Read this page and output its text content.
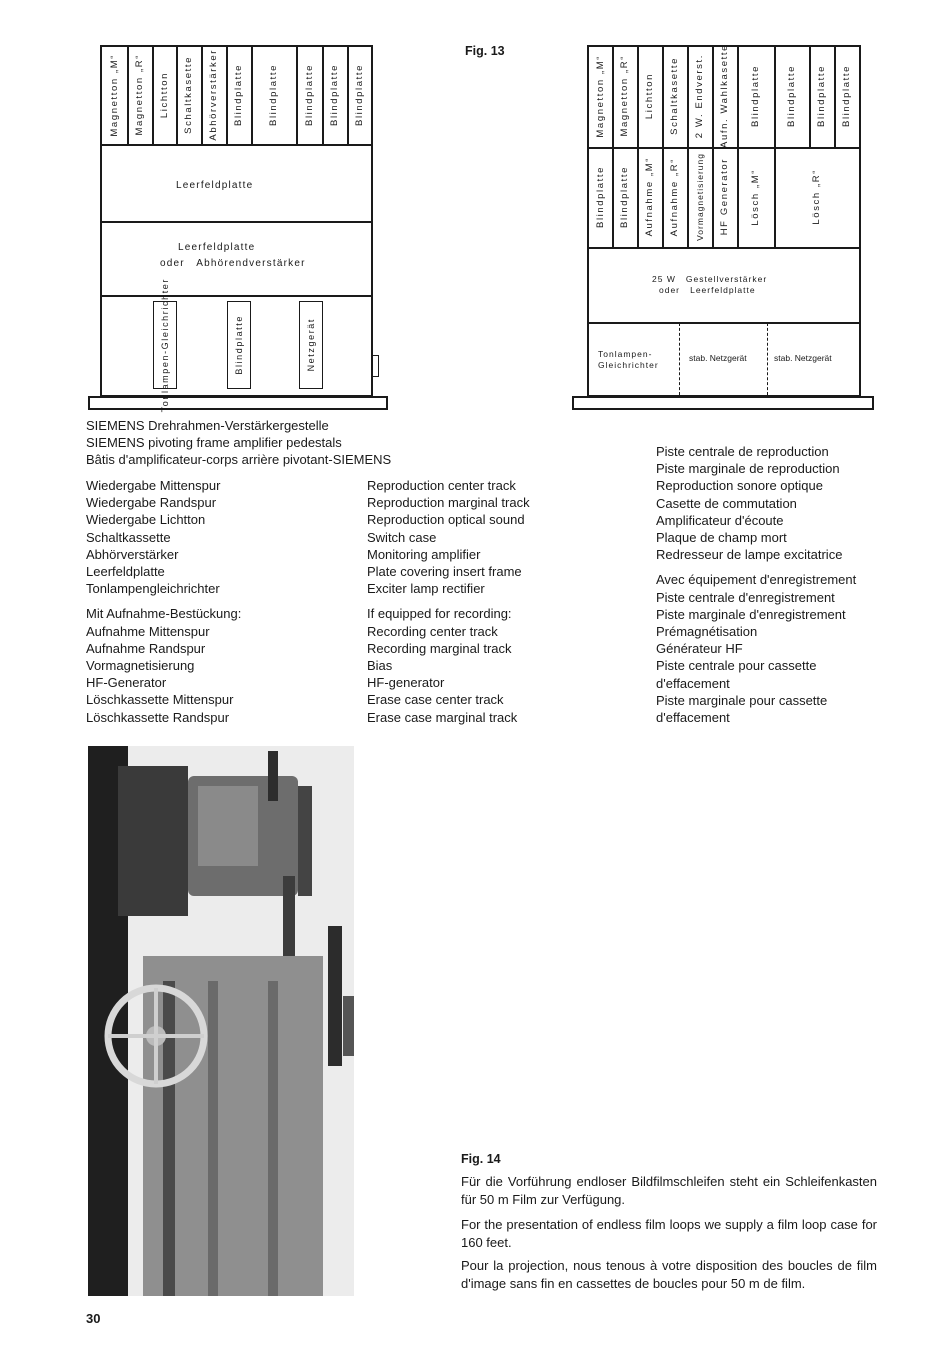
Fig. 13
Magnetton „M“ Magnetton „R“ Lichtton Schaltkasette Abhörverstärker Blindplatte	Blindplatte	Blindplatte Blindplatte Blindplatte
Leerfeldplatte
Leerfeldplatte
oder   Abhörendverstärker
Tonlampen-Gleichrichter	Blindplatte	Netzgerät
Magnetton „M“ Magnetton „R“ Lichtton Schaltkasette 2 W. Endverst. Aufn. Wahlkasette Blindplatte	Blindplatte Blindplatte Blindplatte
Blindplatte Blindplatte Aufnahme „M“ Aufnahme „R“ Vormagnetisierung HF Generator Lösch „M“	Lösch „R“
25 W   Gestellverstärker
oder   Leerfeldplatte
Tonlampen-Gleichrichter
stab. Netzgerät	stab. Netzgerät
SIEMENS Drehrahmen-Verstärkergestelle
SIEMENS pivoting frame amplifier pedestals
Bâtis d'amplificateur-corps arrière pivotant-SIEMENS
Wiedergabe Mittenspur
Wiedergabe Randspur
Wiedergabe Lichtton
Schaltkassette
Abhörverstärker
Leerfeldplatte
Tonlampengleichrichter
Mit Aufnahme-Bestückung:
Aufnahme Mittenspur
Aufnahme Randspur
Vormagnetisierung
HF-Generator
Löschkassette Mittenspur
Löschkassette Randspur
Reproduction center track
Reproduction marginal track
Reproduction optical sound
Switch case
Monitoring amplifier
Plate covering insert frame
Exciter lamp rectifier
If equipped for recording:
Recording center track
Recording marginal track
Bias
HF-generator
Erase case center track
Erase case marginal track
Piste centrale de reproduction
Piste marginale de reproduction
Reproduction sonore optique
Casette de commutation
Amplificateur d'écoute
Plaque de champ mort
Redresseur de lampe excitatrice
Avec équipement d'enregistrement
Piste centrale d'enregistrement
Piste marginale d'enregistrement
Prémagnétisation
Générateur HF
Piste centrale pour cassette
d'effacement
Piste marginale pour cassette
d'effacement
Fig. 14
Für die Vorführung endloser Bildfilmschleifen steht ein Schleifenkasten für 50 m Film zur Verfügung.
For the presentation of endless film loops we supply a film loop case for 160 feet.
Pour la projection, nous tenous à votre disposition des boucles de film d'image sans fin en cassettes de boucles pour 50 m de film.
30
